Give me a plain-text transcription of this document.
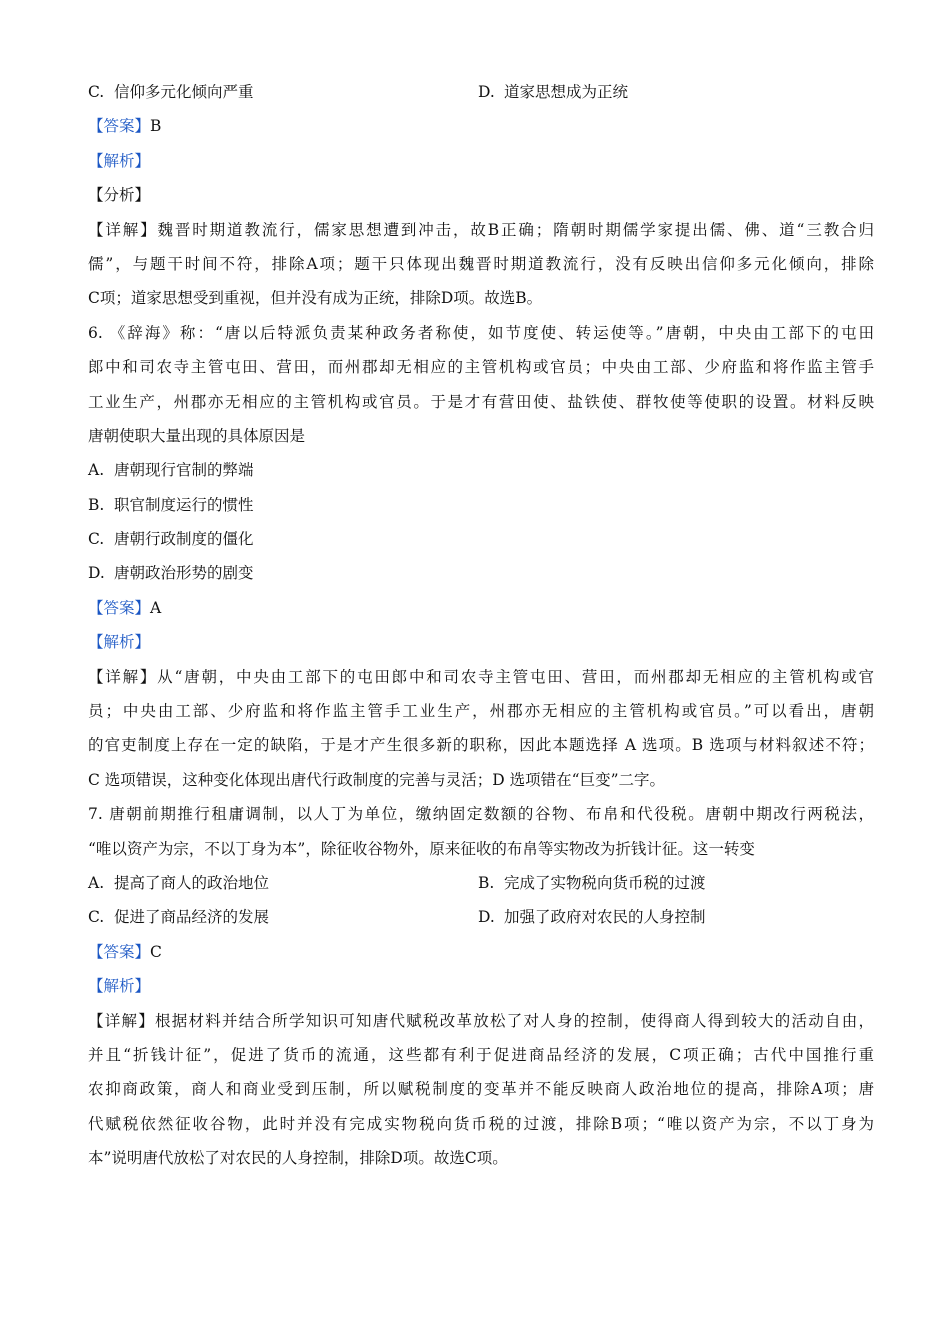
C. 信仰多元化倾向严重	D. 道家思想成为正统
【答案】B
【解析】
【分析】
【详解】魏晋时期道教流行，儒家思想遭到冲击，故B正确；隋朝时期儒学家提出儒、佛、道“三教合归
儒”，与题干时间不符，排除A项；题干只体现出魏晋时期道教流行，没有反映出信仰多元化倾向，排除
C项；道家思想受到重视，但并没有成为正统，排除D项。故选B。
6. 《辞海》称：“唐以后特派负责某种政务者称使，如节度使、转运使等。”唐朝，中央由工部下的屯田
郎中和司农寺主管屯田、营田，而州郡却无相应的主管机构或官员；中央由工部、少府监和将作监主管手
工业生产，州郡亦无相应的主管机构或官员。于是才有营田使、盐铁使、群牧使等使职的设置。材料反映
唐朝使职大量出现的具体原因是
A. 唐朝现行官制的弊端
B. 职官制度运行的惯性
C. 唐朝行政制度的僵化
D. 唐朝政治形势的剧变
【答案】A
【解析】
【详解】从“唐朝，中央由工部下的屯田郎中和司农寺主管屯田、营田，而州郡却无相应的主管机构或官
员；中央由工部、少府监和将作监主管手工业生产，州郡亦无相应的主管机构或官员。”可以看出，唐朝
的官吏制度上存在一定的缺陷，于是才产生很多新的职称，因此本题选择 A 选项。B 选项与材料叙述不符；
C 选项错误，这种变化体现出唐代行政制度的完善与灵活；D 选项错在“巨变”二字。
7. 唐朝前期推行租庸调制，以人丁为单位，缴纳固定数额的谷物、布帛和代役税。唐朝中期改行两税法，
“唯以资产为宗，不以丁身为本”，除征收谷物外，原来征收的布帛等实物改为折钱计征。这一转变
A. 提高了商人的政治地位	B. 完成了实物税向货币税的过渡
C. 促进了商品经济的发展	D. 加强了政府对农民的人身控制
【答案】C
【解析】
【详解】根据材料并结合所学知识可知唐代赋税改革放松了对人身的控制，使得商人得到较大的活动自由，
并且“折钱计征”，促进了货币的流通，这些都有利于促进商品经济的发展，C项正确；古代中国推行重
农抑商政策，商人和商业受到压制，所以赋税制度的变革并不能反映商人政治地位的提高，排除A项；唐
代赋税依然征收谷物，此时并没有完成实物税向货币税的过渡，排除B项；“唯以资产为宗，不以丁身为
本”说明唐代放松了对农民的人身控制，排除D项。故选C项。
